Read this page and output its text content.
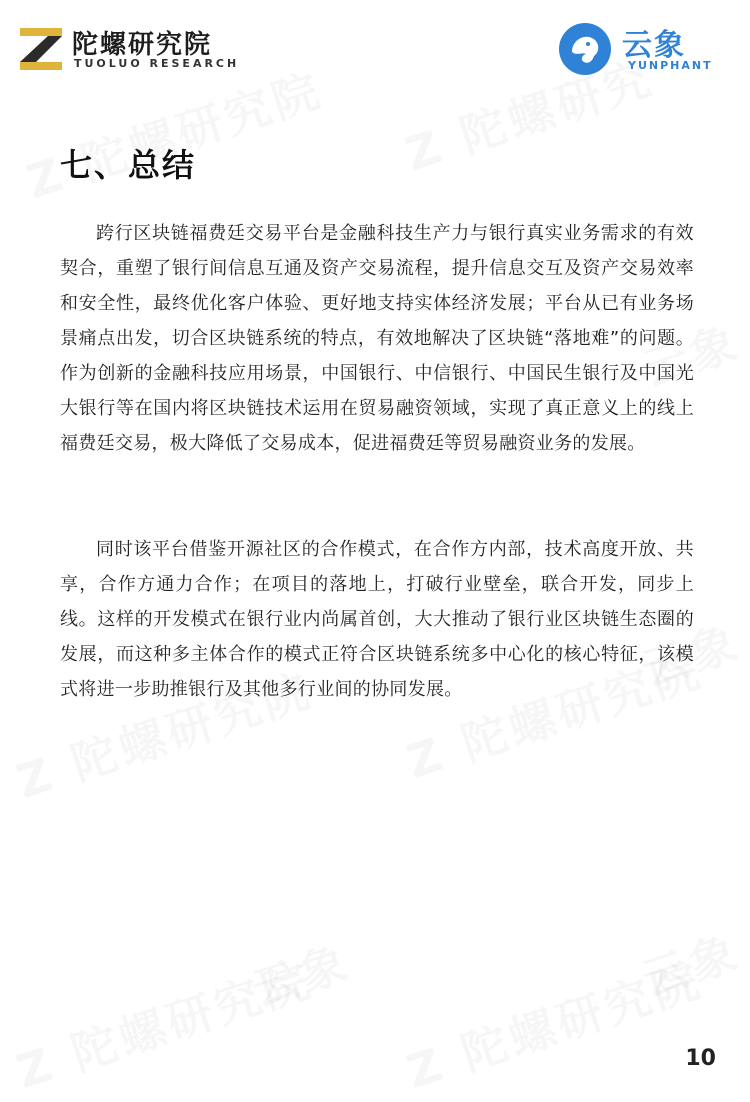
陀螺研究院
TUOLUO RESEARCH
云象
YUNPHANT
七、总结
跨行区块链福费廷交易平台是金融科技生产力与银行真实业务需求的有效契合，重塑了银行间信息互通及资产交易流程，提升信息交互及资产交易效率和安全性，最终优化客户体验、更好地支持实体经济发展；平台从已有业务场景痛点出发，切合区块链系统的特点，有效地解决了区块链“落地难”的问题。作为创新的金融科技应用场景，中国银行、中信银行、中国民生银行及中国光大银行等在国内将区块链技术运用在贸易融资领域，实现了真正意义上的线上福费廷交易，极大降低了交易成本，促进福费廷等贸易融资业务的发展。
同时该平台借鉴开源社区的合作模式，在合作方内部，技术高度开放、共享，合作方通力合作；在项目的落地上，打破行业壁垒，联合开发，同步上线。这样的开发模式在银行业内尚属首创，大大推动了银行业区块链生态圈的发展，而这种多主体合作的模式正符合区块链系统多中心化的核心特征，该模式将进一步助推银行及其他多行业间的协同发展。
10
